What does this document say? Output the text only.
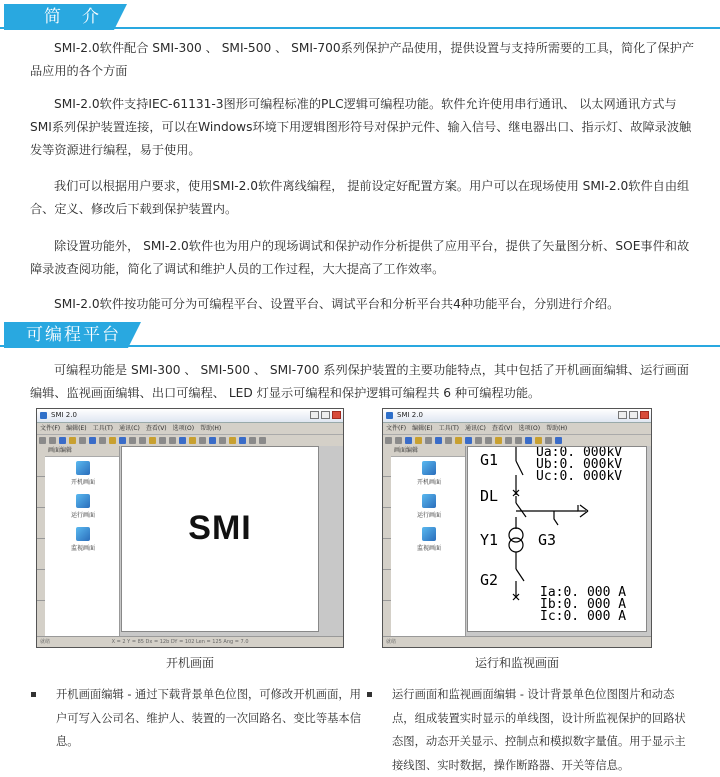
简　介

SMI-2.0软件配合 SMI-300 、 SMI-500 、 SMI-700系列保护产品使用，提供设置与支持所需要的工具，简化了保护产品应用的各个方面

SMI-2.0软件支持IEC-61131-3图形可编程标准的PLC逻辑可编程功能。软件允许使用串行通讯、 以太网通讯方式与SMI系列保护装置连接，可以在Windows环境下用逻辑图形符号对保护元件、输入信号、继电器出口、指示灯、故障录波触发等资源进行编程，易于使用。

我们可以根据用户要求，使用SMI-2.0软件离线编程， 提前设定好配置方案。用户可以在现场使用 SMI-2.0软件自由组合、定义、修改后下载到保护装置内。

除设置功能外， SMI-2.0软件也为用户的现场调试和保护动作分析提供了应用平台，提供了矢量图分析、SOE事件和故障录波查阅功能，简化了调试和维护人员的工作过程，大大提高了工作效率。

SMI-2.0软件按功能可分为可编程平台、设置平台、调试平台和分析平台共4种功能平台，分别进行介绍。

可编程平台

可编程功能是 SMI-300 、 SMI-500 、 SMI-700 系列保护装置的主要功能特点，其中包括了开机画面编辑、运行画面编辑、监视画面编辑、出口可编程、 LED 灯显示可编程和保护逻辑可编程共 6 种可编程功能。

SMI 2.0
文件(F) 编辑(E) 工具(T) 通讯(C) 查看(V) 选项(O) 帮助(H)
画面编辑
开机画面
运行画面
监视画面
SMI
就绪	X = 2 Y = 85 Dx = 12b DY = 102 Len = 125 Ang = 7.0
SMI 2.0
文件(F) 编辑(E) 工具(T) 通讯(C) 查看(V) 选项(O) 帮助(H)
画面编辑
开机画面
运行画面
监视画面
G1
DL
Y1	G3
G2
Ua:0. 000kV
Ub:0. 000kV
Uc:0. 000kV
Ia:0. 000 A
Ib:0. 000 A
Ic:0. 000 A
就绪
开机画面	运行和监视画面
开机画面编辑 - 通过下载背景单色位图，可修改开机画面，用户可写入公司名、维护人、装置的一次回路名、变比等基本信息。
运行画面和监视画面编辑 - 设计背景单色位图图片和动态点，组成装置实时显示的单线图，设计所监视保护的回路状态图，动态开关显示、控制点和模拟数字量值。用于显示主接线图、实时数据，操作断路器、开关等信息。
